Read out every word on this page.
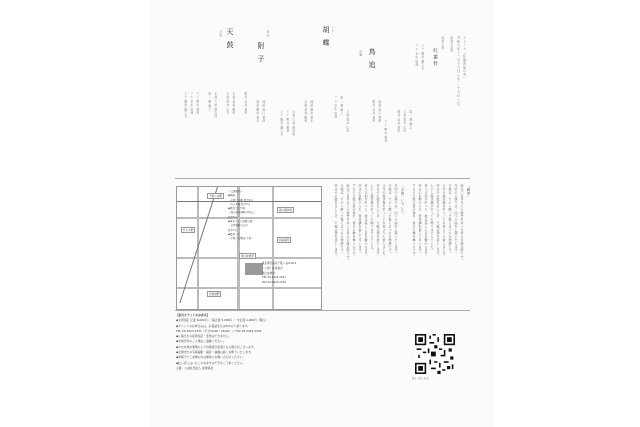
シリーズ「伝統芸能の今」
令和六年十一月十六日（土）・十七日（日）
能楽の世界
能楽公演
紅葉狩
シテ 観世 鐵之丞
ワキ 宝生 欣哉
笛 一噌 隆之
大鼓 亀井 広忠
後見 浅見 真州
天鼓
王伯
附子
狂言	胡蝶 シテ
鳥追
仕舞
シテ 観世 鐵之丞 ワキ 宝生 欣哉 アイ 野村 萬斎	笛 一噌 隆之 小鼓 大倉 源次郎	大鼓 亀井 広忠 太鼓 金春 國和	後見 浅見 真州	地謡 観世 喜正 地謡 坂口 貴信	シテ 観世 鐵之丞 アイ 野村 萬斎 小鼓 大倉 源次郎	太鼓 金春 國和 地謡 観世 喜正	ワキ 宝生 欣哉 笛 一噌 隆之
大鼓 亀井 広忠	後見 浅見 真州 地謡 坂口 貴信
アイ 野村 萬斎
「解説」
能は六百年以上の歴史を持つ日本の伝統芸能です。
今回の公演では、四つの曲を上演いたします。
天鼓は、天から降った鼓にまつわる物語です。
少年天鼓は鼓を打つことを何よりも愛しました。
帝はその鼓を召し上げ、天鼓は命を落とします。
しかし鼓は誰が打っても鳴りませんでした。
老父王伯が打つと、鼓は美しい音を響かせます。
帝は心を動かされ、管弦講を催して弔います。
すると天鼓の霊が現れ、喜びの舞を舞うのです。
「天鼓」について
今回の公演では、四つの曲を上演いたします。
天鼓は、天から降った鼓にまつわる物語です。
少年天鼓は鼓を打つことを何よりも愛しました。
帝はその鼓を召し上げ、天鼓は命を落とします。
しかし鼓は誰が打っても鳴りませんでした。
老父王伯が打つと、鼓は美しい音を響かせます。
帝は心を動かされ、管弦講を催して弔います。
すると天鼓の霊が現れ、喜びの舞を舞うのです。
能は六百年以上の歴史を持つ日本の伝統芸能です。
天鼓は、天から降った鼓にまつわる物語です。
帝はその鼓を召し上げ、天鼓は命を落とします。
国立能楽堂
千駄ケ谷駅
代々木駅
国立競技場
新宿御苑
北参道駅
＜交通案内＞
◆JR線
・千駄ケ谷駅 徒歩5分
・代々木駅 徒歩7分
◆都営大江戸線
・国立競技場駅 A4出口
徒歩5分
◆東京メトロ副都心線
・北参道駅 出口1
徒歩7分
◆都営バス
・千駄ケ谷駅前 下車
東京都渋谷区千駄ヶ谷4-18-1
（公財）能楽協会
国立能楽堂
TEL 03-3423-1331
FAX 03-3423-1334

【前売チケットのお求め】

◆全席指定 正面 6,000円 ／ 脇正面 5,000円 ／ 中正面 4,000円（税込）

◆チケットのお申込みは、お電話またはFAXにて承ります。

TEL 03-3423-1331（平日10:00〜18:00）／ FAX 03-3423-1334

◆公演当日の座席指定・変更はできません。

◆未就学児のご入場はご遠慮ください。

◆やむを得ぬ事情により出演者が変更となる場合がございます。

◆会場内での写真撮影・録音・録画は固くお断りいたします。

◆車椅子でご来場の方は事前にお問い合わせください。

◆払い戻しはいたしかねますので予めご了承ください。

主催：公益社団法人 能楽協会

詳しくはこちら
